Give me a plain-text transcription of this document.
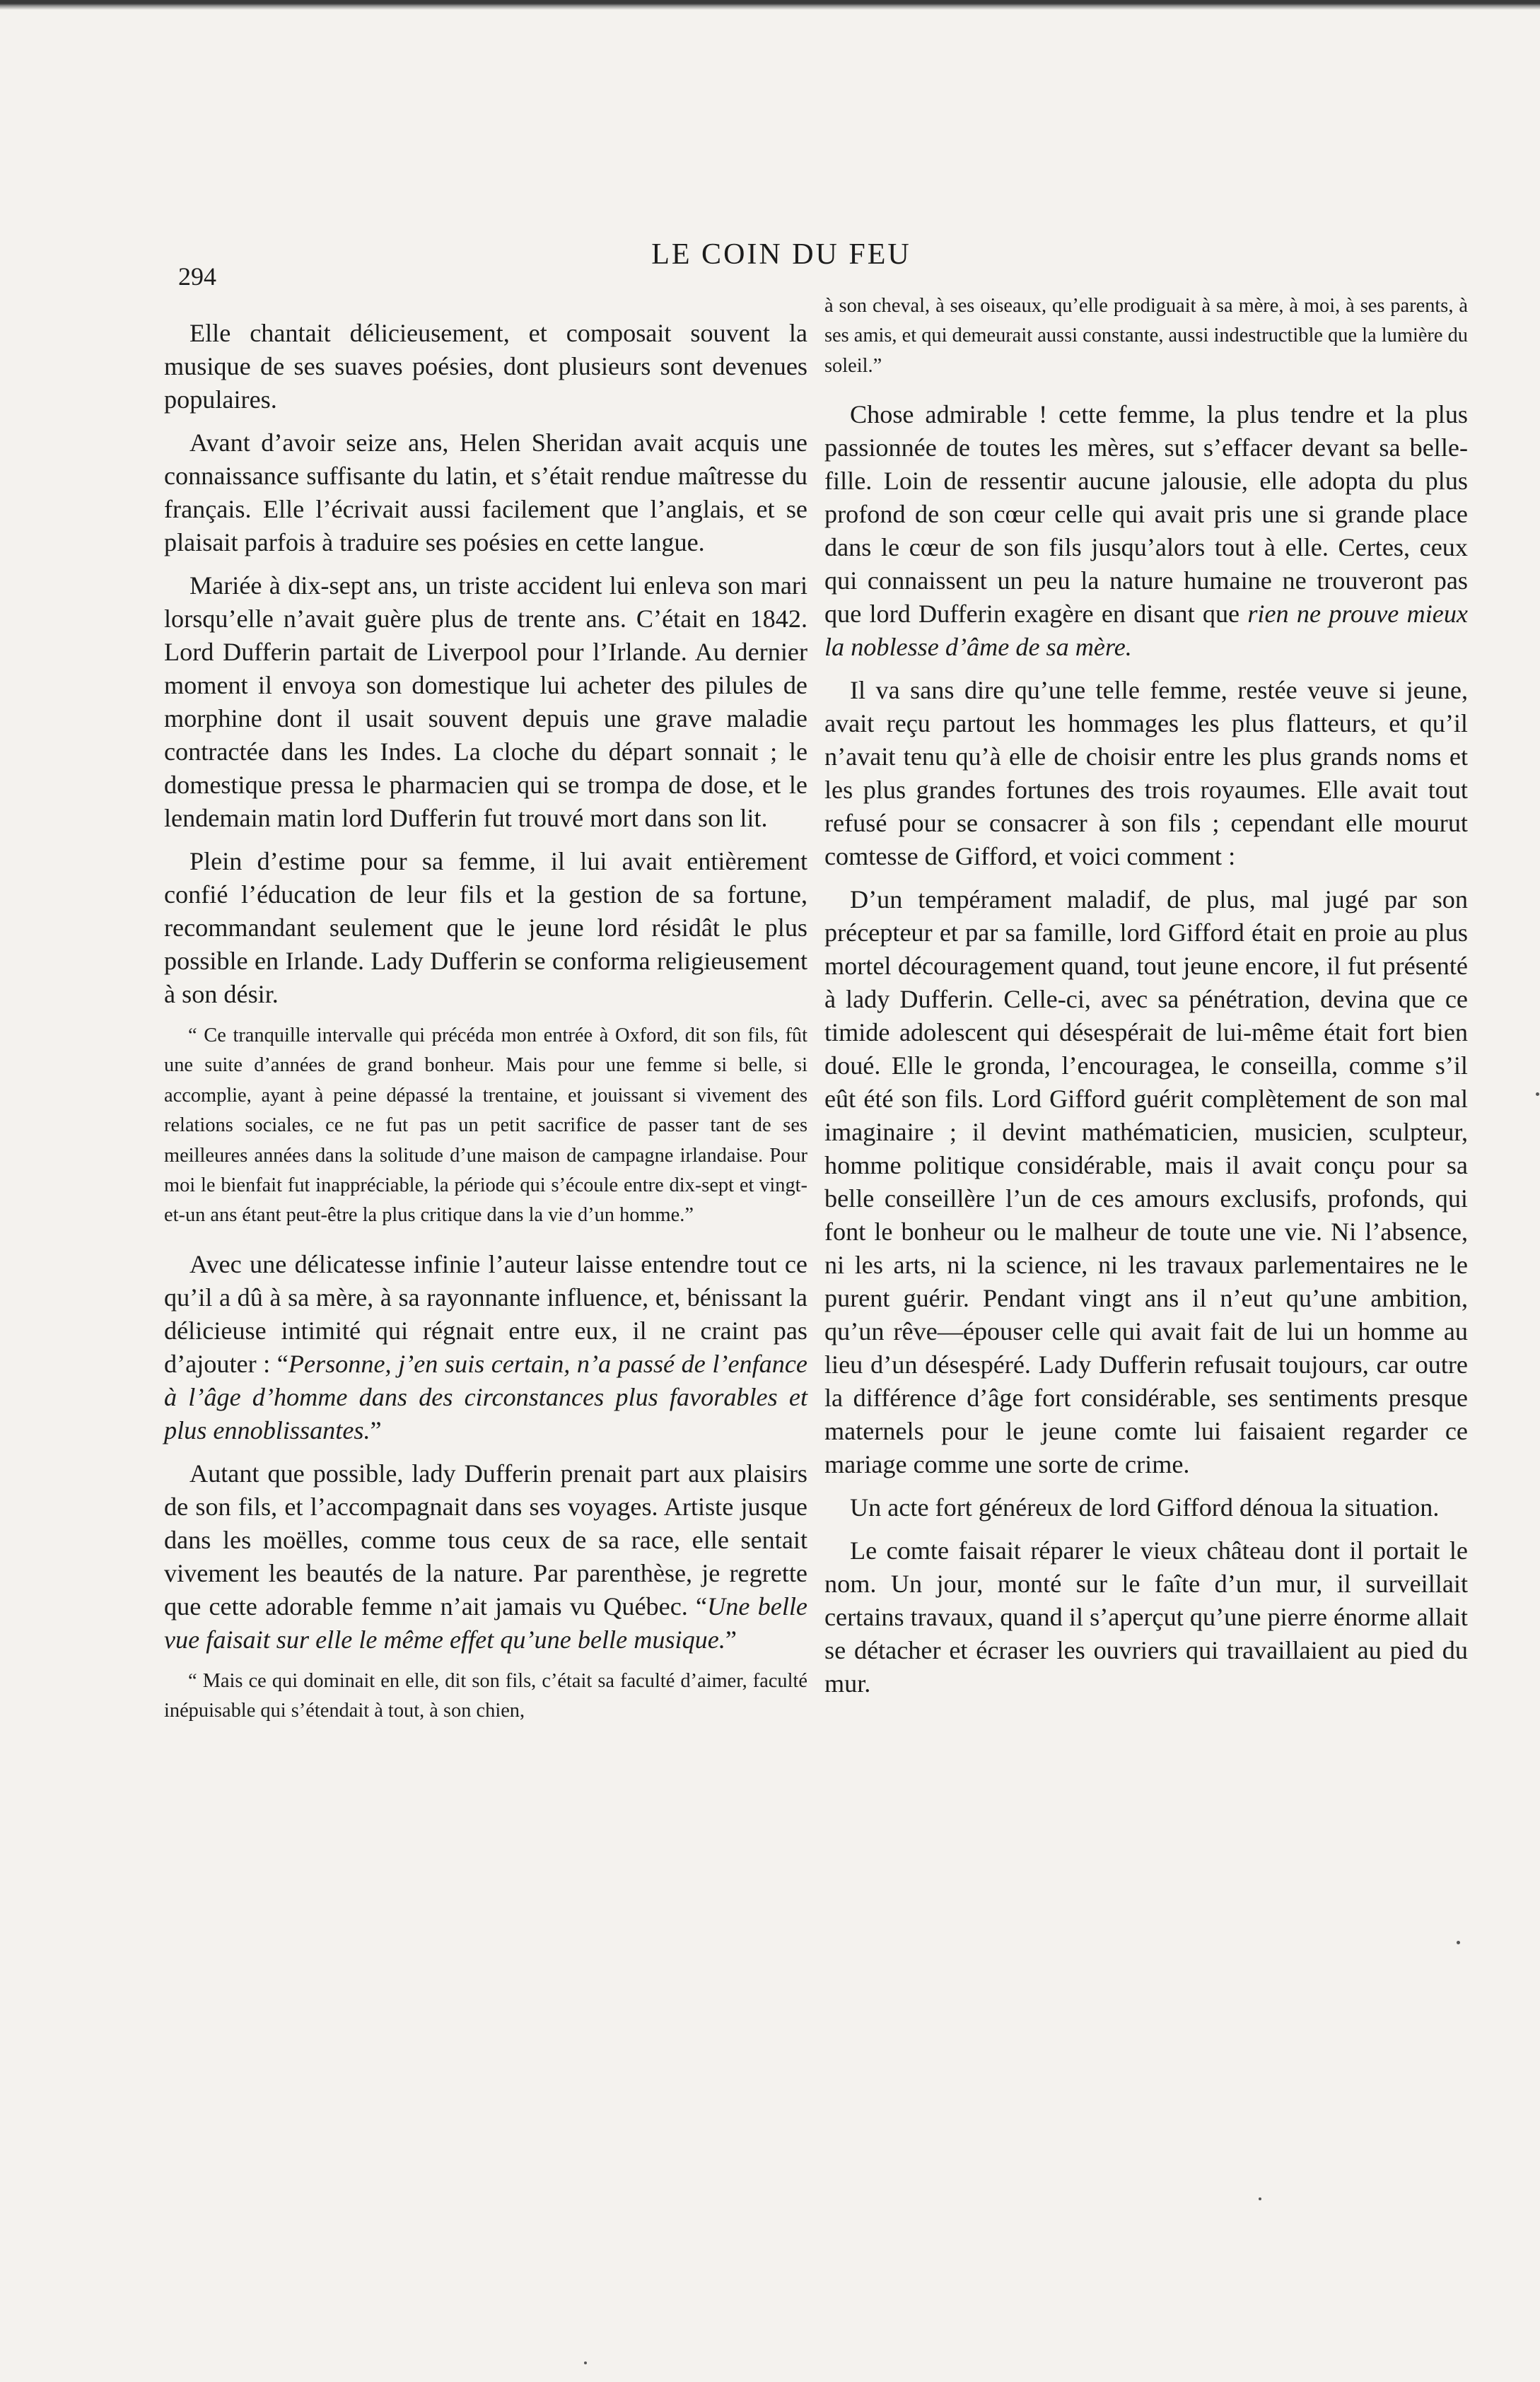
294
LE COIN DU FEU

Elle chantait délicieusement, et composait souvent la musique de ses suaves poésies, dont plusieurs sont devenues populaires.

Avant d’avoir seize ans, Helen Sheridan avait acquis une connaissance suffisante du latin, et s’était rendue maîtresse du français. Elle l’écrivait aussi facilement que l’anglais, et se plaisait parfois à traduire ses poésies en cette langue.

Mariée à dix-sept ans, un triste accident lui enleva son mari lorsqu’elle n’avait guère plus de trente ans. C’était en 1842. Lord Dufferin partait de Liverpool pour l’Irlande. Au dernier moment il envoya son domestique lui acheter des pilules de morphine dont il usait souvent depuis une grave maladie contractée dans les Indes. La cloche du départ sonnait ; le domestique pressa le pharmacien qui se trompa de dose, et le lendemain matin lord Dufferin fut trouvé mort dans son lit.

Plein d’estime pour sa femme, il lui avait entièrement confié l’éducation de leur fils et la gestion de sa fortune, recommandant seulement que le jeune lord résidât le plus possible en Irlande. Lady Dufferin se conforma religieusement à son désir.

“ Ce tranquille intervalle qui précéda mon entrée à Oxford, dit son fils, fût une suite d’années de grand bonheur. Mais pour une femme si belle, si accomplie, ayant à peine dépassé la trentaine, et jouissant si vivement des relations sociales, ce ne fut pas un petit sacrifice de passer tant de ses meilleures années dans la solitude d’une maison de campagne irlandaise. Pour moi le bienfait fut inappréciable, la période qui s’écoule entre dix-sept et vingt-et-un ans étant peut-être la plus critique dans la vie d’un homme.”

Avec une délicatesse infinie l’auteur laisse entendre tout ce qu’il a dû à sa mère, à sa rayonnante influence, et, bénissant la délicieuse intimité qui régnait entre eux, il ne craint pas d’ajouter : “Personne, j’en suis certain, n’a passé de l’enfance à l’âge d’homme dans des circonstances plus favorables et plus ennoblissantes.”

Autant que possible, lady Dufferin prenait part aux plaisirs de son fils, et l’accompagnait dans ses voyages. Artiste jusque dans les moëlles, comme tous ceux de sa race, elle sentait vivement les beautés de la nature. Par parenthèse, je regrette que cette adorable femme n’ait jamais vu Québec. “Une belle vue faisait sur elle le même effet qu’une belle musique.”

“ Mais ce qui dominait en elle, dit son fils, c’était sa faculté d’aimer, faculté inépuisable qui s’étendait à tout, à son chien,

à son cheval, à ses oiseaux, qu’elle prodiguait à sa mère, à moi, à ses parents, à ses amis, et qui demeurait aussi constante, aussi indestructible que la lumière du soleil.”

Chose admirable ! cette femme, la plus tendre et la plus passionnée de toutes les mères, sut s’effacer devant sa belle-fille. Loin de ressentir aucune jalousie, elle adopta du plus profond de son cœur celle qui avait pris une si grande place dans le cœur de son fils jusqu’alors tout à elle. Certes, ceux qui connaissent un peu la nature humaine ne trouveront pas que lord Dufferin exagère en disant que rien ne prouve mieux la noblesse d’âme de sa mère.

Il va sans dire qu’une telle femme, restée veuve si jeune, avait reçu partout les hommages les plus flatteurs, et qu’il n’avait tenu qu’à elle de choisir entre les plus grands noms et les plus grandes fortunes des trois royaumes. Elle avait tout refusé pour se consacrer à son fils ; cependant elle mourut comtesse de Gifford, et voici comment :

D’un tempérament maladif, de plus, mal jugé par son précepteur et par sa famille, lord Gifford était en proie au plus mortel découragement quand, tout jeune encore, il fut présenté à lady Dufferin. Celle-ci, avec sa pénétration, devina que ce timide adolescent qui désespérait de lui-même était fort bien doué. Elle le gronda, l’encouragea, le conseilla, comme s’il eût été son fils. Lord Gifford guérit complètement de son mal imaginaire ; il devint mathématicien, musicien, sculpteur, homme politique considérable, mais il avait conçu pour sa belle conseillère l’un de ces amours exclusifs, profonds, qui font le bonheur ou le malheur de toute une vie. Ni l’absence, ni les arts, ni la science, ni les travaux parlementaires ne le purent guérir. Pendant vingt ans il n’eut qu’une ambition, qu’un rêve—épouser celle qui avait fait de lui un homme au lieu d’un désespéré. Lady Dufferin refusait toujours, car outre la différence d’âge fort considérable, ses sentiments presque maternels pour le jeune comte lui faisaient regarder ce mariage comme une sorte de crime.

Un acte fort généreux de lord Gifford dénoua la situation.

Le comte faisait réparer le vieux château dont il portait le nom. Un jour, monté sur le faîte d’un mur, il surveillait certains travaux, quand il s’aperçut qu’une pierre énorme allait se détacher et écraser les ouvriers qui travaillaient au pied du mur.
